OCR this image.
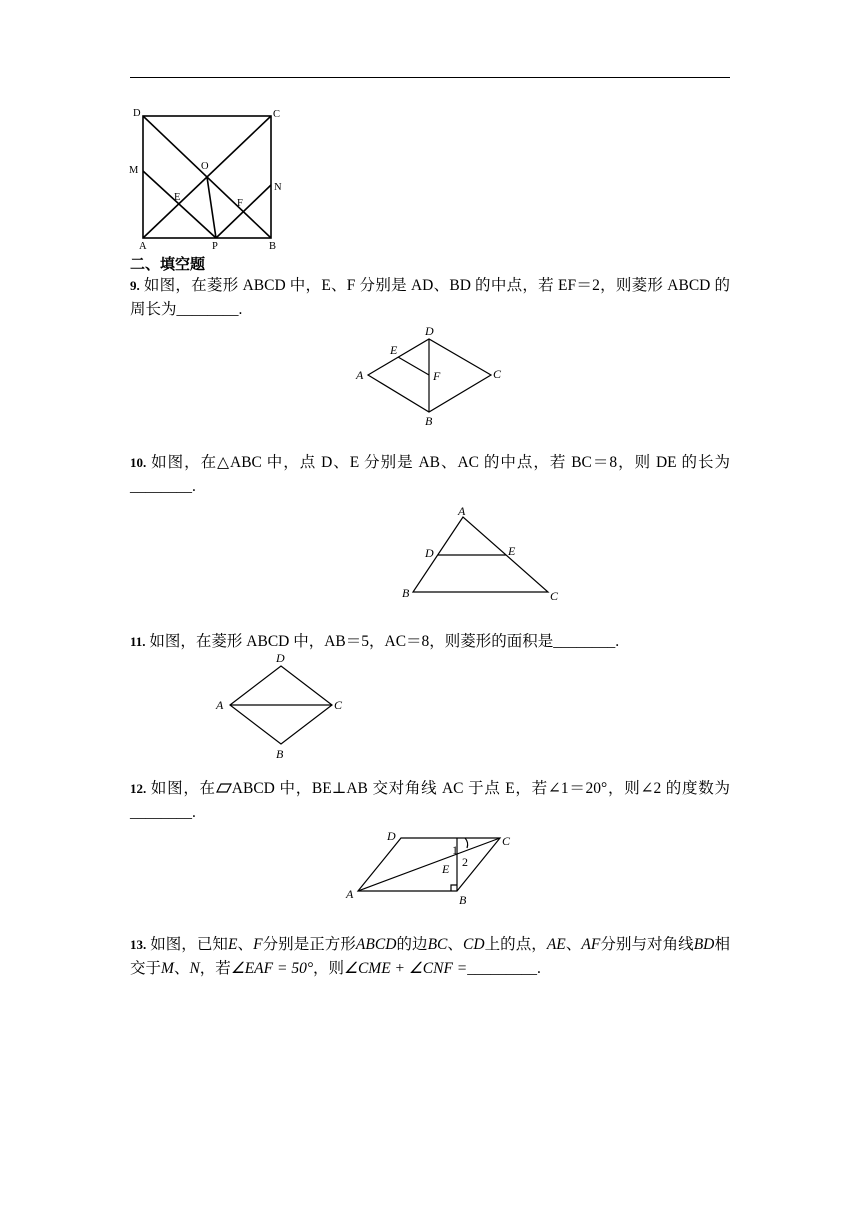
D	C
M	O
N
E
F
A	P	B
二、填空题
9. 如图，在菱形 ABCD 中，E、F 分别是 AD、BD 的中点，若 EF＝2，则菱形 ABCD 的周长为________.
D
E
A	F	C
B
10. 如图，在△ABC 中，点 D、E 分别是 AB、AC 的中点，若 BC＝8，则 DE 的长为________.
A
D	E
B	C
11. 如图，在菱形 ABCD 中，AB＝5，AC＝8，则菱形的面积是________.
D
A	C
B
12. 如图，在 ABCD 中，BE⊥AB 交对角线 AC 于点 E，若∠1＝20°，则∠2 的度数为________.
D	C
E
A	B
1
2
13. 如图，已知E、F分别是正方形ABCD的边BC、CD上的点，AE、AF分别与对角线BD相交于M、N，若∠EAF = 50°，则∠CME + ∠CNF =_________.
